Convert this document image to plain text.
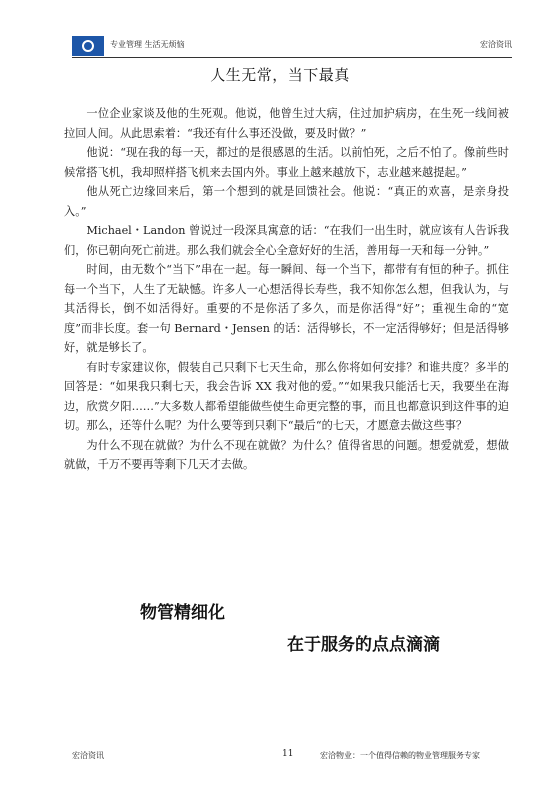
专业管理 生活无烦恼	宏洽资讯
人生无常，当下最真

一位企业家谈及他的生死观。他说，他曾生过大病，住过加护病房，在生死一线间被拉回人间。从此思索着：“我还有什么事还没做，要及时做？”

他说：“现在我的每一天，都过的是很感恩的生活。以前怕死，之后不怕了。像前些时候常搭飞机，我却照样搭飞机来去国内外。事业上越来越放下，志业越来越提起。”

他从死亡边缘回来后，第一个想到的就是回馈社会。他说：“真正的欢喜，是亲身投入。”

Michael・Landon 曾说过一段深具寓意的话：“在我们一出生时，就应该有人告诉我们，你已朝向死亡前进。那么我们就会全心全意好好的生活，善用每一天和每一分钟。”

时间，由无数个“当下”串在一起。每一瞬间、每一个当下，都带有有恒的种子。抓住每一个当下，人生了无缺憾。许多人一心想活得长寿些，我不知你怎么想，但我认为，与其活得长，倒不如活得好。重要的不是你活了多久，而是你活得“好”；重视生命的“宽度”而非长度。套一句 Bernard・Jensen 的话：活得够长，不一定活得够好；但是活得够好，就是够长了。

有时专家建议你，假装自己只剩下七天生命，那么你将如何安排？和谁共度？多半的回答是：“如果我只剩七天，我会告诉 XX 我对他的爱。”“如果我只能活七天，我要坐在海边，欣赏夕阳……”大多数人都希望能做些使生命更完整的事，而且也都意识到这件事的迫切。那么，还等什么呢？为什么要等到只剩下“最后“的七天，才愿意去做这些事？

为什么不现在就做？为什么不现在就做？为什么？值得省思的问题。想爱就爱，想做就做，千万不要再等剩下几天才去做。

物管精细化
在于服务的点点滴滴
宏洽资讯	11	宏洽物业：一个值得信赖的物业管理服务专家
